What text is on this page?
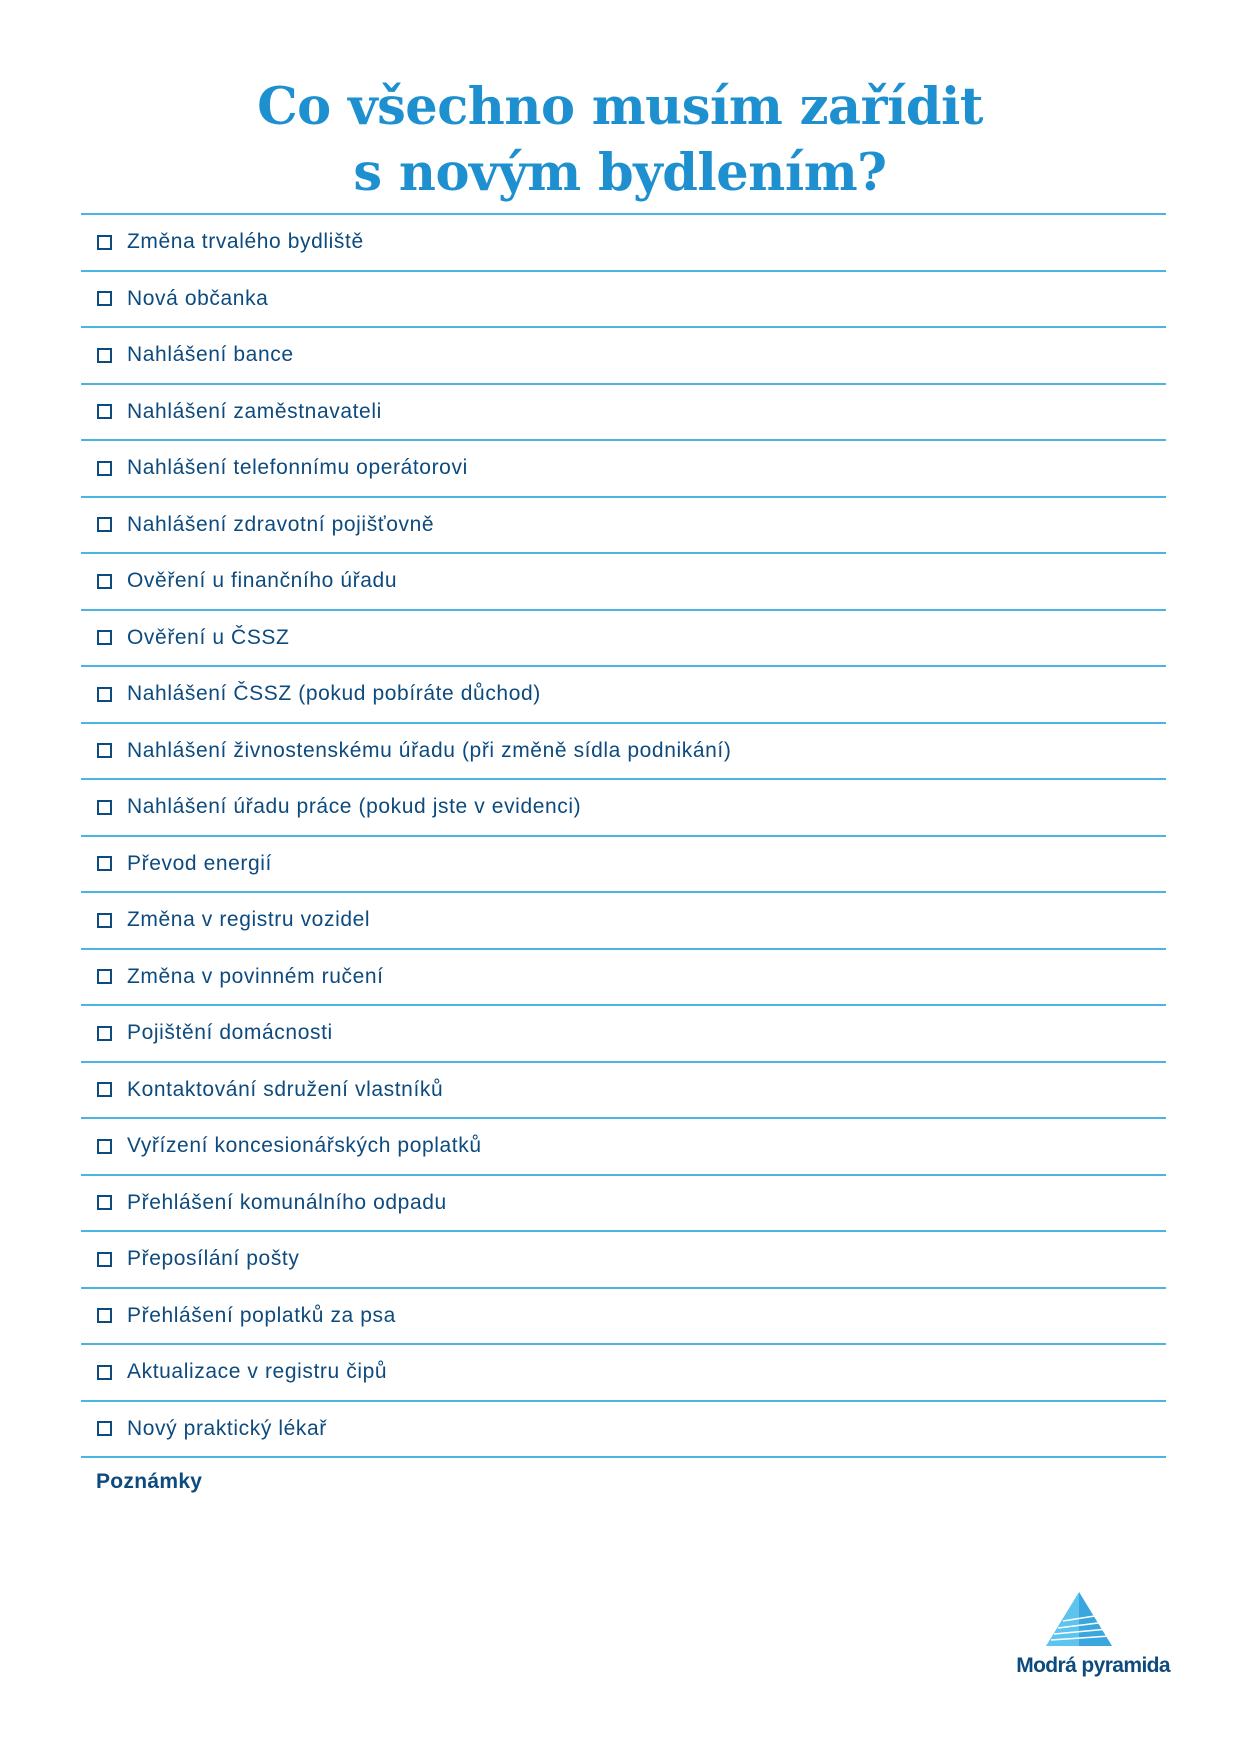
Co všechno musím zařídit
s novým bydlením?
Změna trvalého bydliště
Nová občanka
Nahlášení bance
Nahlášení zaměstnavateli
Nahlášení telefonnímu operátorovi
Nahlášení zdravotní pojišťovně
Ověření u finančního úřadu
Ověření u ČSSZ
Nahlášení ČSSZ (pokud pobíráte důchod)
Nahlášení živnostenskému úřadu (při změně sídla podnikání)
Nahlášení úřadu práce (pokud jste v evidenci)
Převod energií
Změna v registru vozidel
Změna v povinném ručení
Pojištění domácnosti
Kontaktování sdružení vlastníků
Vyřízení koncesionářských poplatků
Přehlášení komunálního odpadu
Přeposílání pošty
Přehlášení poplatků za psa
Aktualizace v registru čipů
Nový praktický lékař
Poznámky
Modrá pyramida
